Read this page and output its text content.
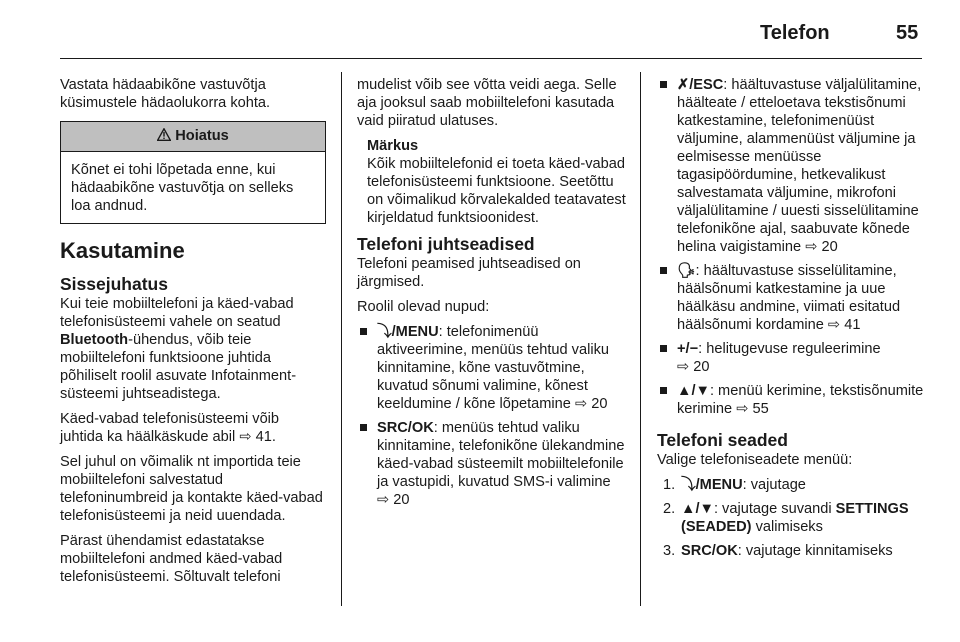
Telefon	55

Vastata hädaabikõne vastuvõtja küsimustele hädaolukorra kohta.

Hoiatus
Kõnet ei tohi lõpetada enne, kui hädaabikõne vastuvõtja on selleks loa andnud.
Kasutamine
Sissejuhatus

Kui teie mobiiltelefoni ja käed-vabad telefonisüsteemi vahele on seatud Bluetooth-ühendus, võib teie mobiiltelefoni funktsioone juhtida põhiliselt roolil asuvate Infotainment-süsteemi juhtseadistega.

Käed-vabad telefonisüsteemi võib juhtida ka häälkäskude abil ⇨ 41.

Sel juhul on võimalik nt importida teie mobiiltelefoni salvestatud telefoninumbreid ja kontakte käed-vabad telefonisüsteemi ja neid uuendada.

Pärast ühendamist edastatakse mobiiltelefoni andmed käed-vabad telefonisüsteemi. Sõltuvalt telefoni

mudelist võib see võtta veidi aega. Selle aja jooksul saab mobiiltelefoni kasutada vaid piiratud ulatuses.

Märkus
Kõik mobiiltelefonid ei toeta käed-vabad telefonisüsteemi funktsioone. Seetõttu on võimalikud kõrvalekalded teatavatest kirjeldatud funktsioonidest.
Telefoni juhtseadised

Telefoni peamised juhtseadised on järgmised.

Roolil olevad nupud:

⤵/MENU: telefonimenüü aktiveerimine, menüüs tehtud valiku kinnitamine, kõne vastuvõtmine, kuvatud sõnumi valimine, kõnest keeldumine / kõne lõpetamine ⇨ 20
SRC/OK: menüüs tehtud valiku kinnitamine, telefonikõne ülekandmine käed-vabad süsteemilt mobiiltelefonile ja vastupidi, kuvatud SMS-i valimine
⇨ 20
✗/ESC: häältuvastuse väljalülitamine, häälteate / etteloetava tekstisõnumi katkestamine, telefonimenüüst väljumine, alammenüüst väljumine ja eelmisesse menüüsse tagasipöördumine, hetkevalikust salvestamata väljumine, mikrofoni väljalülitamine / uuesti sisselülitamine telefonikõne ajal, saabuvate kõnede helina vaigistamine ⇨ 20
🗣: häältuvastuse sisselülitamine, häälsõnumi katkestamine ja uue häälkäsu andmine, viimati esitatud häälsõnumi kordamine ⇨ 41
+/−: helitugevuse reguleerimine
⇨ 20
▲/▼: menüü kerimine, tekstisõnumite kerimine ⇨ 55
Telefoni seaded

Valige telefoniseadete menüü:

1. ⤵/MENU: vajutage
2. ▲/▼: vajutage suvandi SETTINGS (SEADED) valimiseks
3. SRC/OK: vajutage kinnitamiseks
